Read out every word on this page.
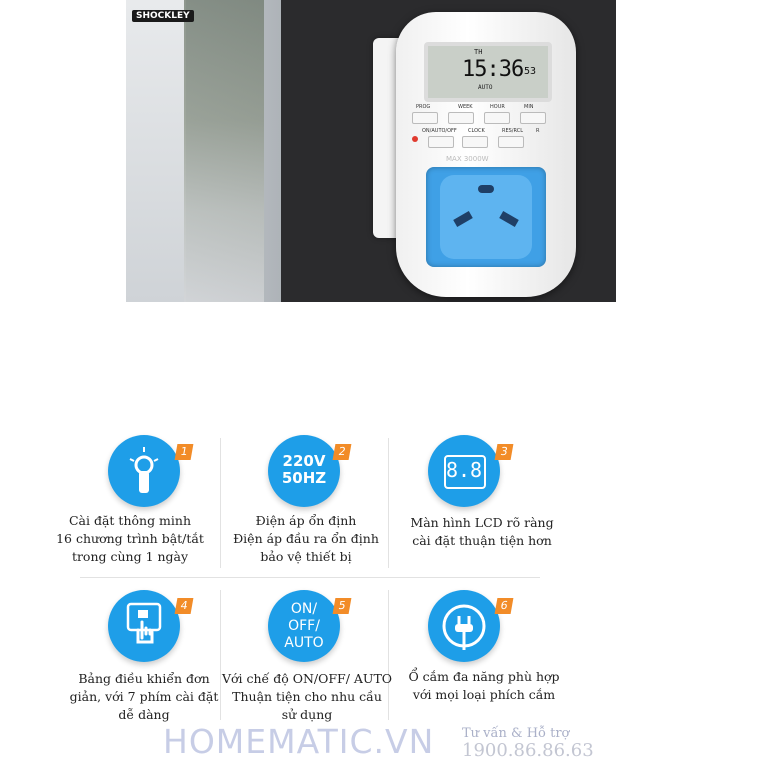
SHOCKLEY
TH
15:36 53
AUTO
PROG	WEEK	HOUR	MIN
ON/AUTO/OFF CLOCK	RES/RCL	R
MAX 3000W
1
Cài đặt thông minh
16 chương trình bật/tắt
trong cùng 1 ngày
220V
50HZ
2
Điện áp ổn định
Điện áp đầu ra ổn định
bảo vệ thiết bị
8.8
3
Màn hình LCD rõ ràng
cài đặt thuận tiện hơn
4
Bảng điều khiển đơn
giản, với 7 phím cài đặt
dễ dàng
ON/
OFF/
AUTO
5
Với chế độ ON/OFF/ AUTO
Thuận tiện cho nhu cầu
sử dụng
6
Ổ cắm đa năng phù hợp
với mọi loại phích cắm
HOMEMATIC.VN Tư vấn & Hỗ trợ
1900.86.86.63
